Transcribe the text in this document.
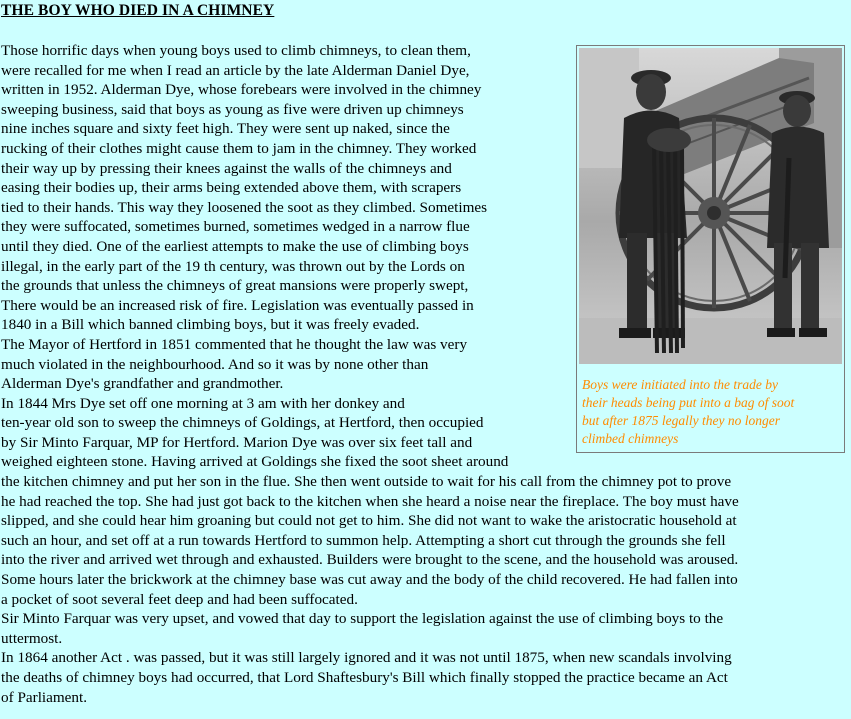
THE BOY WHO DIED IN A CHIMNEY
Boys were initiated into the trade by
their heads being put into a bag of soot
but after 1875 legally they no longer
climbed chimneys
Those horrific days when young boys used to climb chimneys, to clean them,
were recalled for me when I read an article by the late Alderman Daniel Dye,
written in 1952. Alderman Dye, whose forebears were involved in the chimney
sweeping business, said that boys as young as five were driven up chimneys
nine inches square and sixty feet high. They were sent up naked, since the
rucking of their clothes might cause them to jam in the chimney. They worked
their way up by pressing their knees against the walls of the chimneys and
easing their bodies up, their arms being extended above them, with scrapers
tied to their hands. This way they loosened the soot as they climbed. Sometimes
they were suffocated, sometimes burned, sometimes wedged in a narrow flue
until they died. One of the earliest attempts to make the use of climbing boys
illegal, in the early part of the 19 th century, was thrown out by the Lords on
the grounds that unless the chimneys of great mansions were properly swept,
There would be an increased risk of fire. Legislation was eventually passed in
1840 in a Bill which banned climbing boys, but it was freely evaded.
The Mayor of Hertford in 1851 commented that he thought the law was very
much violated in the neighbourhood. And so it was by none other than
Alderman Dye's grandfather and grandmother.
In 1844 Mrs Dye set off one morning at 3 am with her donkey and
ten-year old son to sweep the chimneys of Goldings, at Hertford, then occupied
by Sir Minto Farquar, MP for Hertford. Marion Dye was over six feet tall and
weighed eighteen stone. Having arrived at Goldings she fixed the soot sheet around
the kitchen chimney and put her son in the flue. She then went outside to wait for his call from the chimney pot to prove
he had reached the top. She had just got back to the kitchen when she heard a noise near the fireplace. The boy must have
slipped, and she could hear him groaning but could not get to him. She did not want to wake the aristocratic household at
such an hour, and set off at a run towards Hertford to summon help. Attempting a short cut through the grounds she fell
into the river and arrived wet through and exhausted. Builders were brought to the scene, and the household was aroused.
Some hours later the brickwork at the chimney base was cut away and the body of the child recovered. He had fallen into
a pocket of soot several feet deep and had been suffocated.
Sir Minto Farquar was very upset, and vowed that day to support the legislation against the use of climbing boys to the
uttermost.
In 1864 another Act . was passed, but it was still largely ignored and it was not until 1875, when new scandals involving
the deaths of chimney boys had occurred, that Lord Shaftesbury's Bill which finally stopped the practice became an Act
of Parliament.
